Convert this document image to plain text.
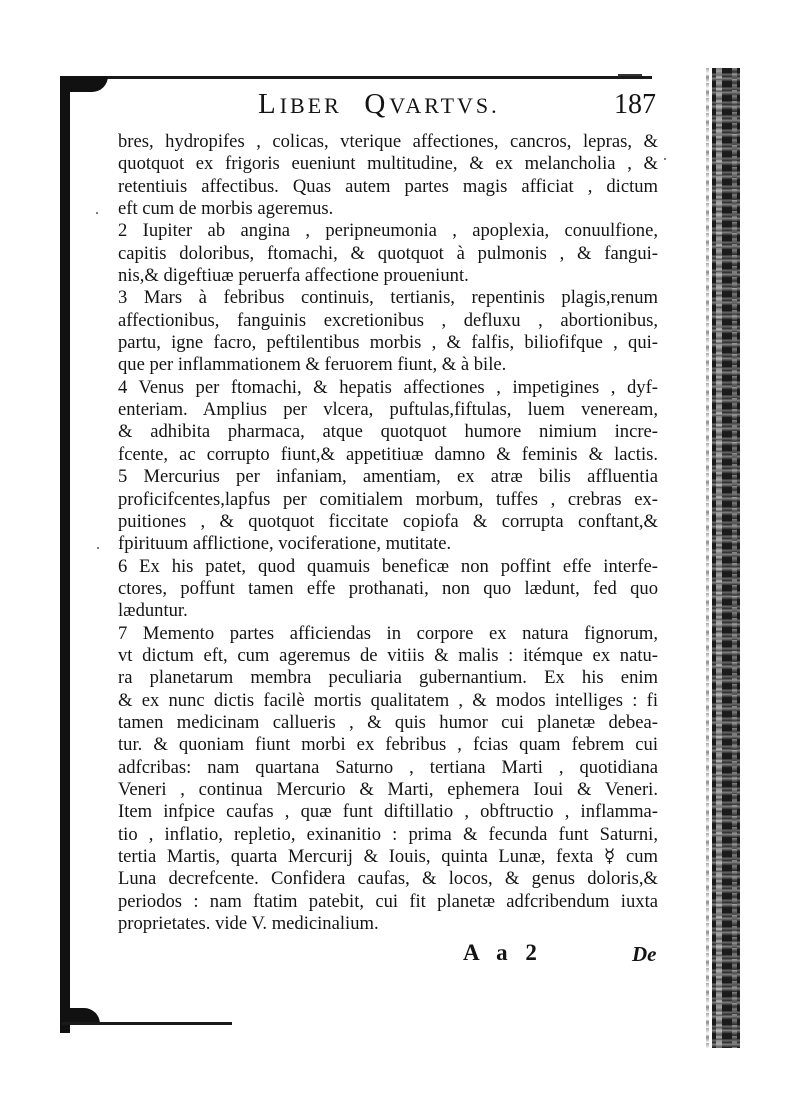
LIBER QVARTVS.	187
bres, hydropifes , colicas, vterique affectiones, cancros, lepras, &
quotquot ex frigoris eueniunt multitudine, & ex melancholia , &
retentiuis affectibus. Quas autem partes magis afficiat , dictum
eft cum de morbis ageremus.
2 Iupiter ab angina , peripneumonia , apoplexia, conuulfione,
capitis doloribus, ftomachi, & quotquot à pulmonis , & fangui-
nis,& digeftiuæ peruerfa affectione proueniunt.
3 Mars à febribus continuis, tertianis, repentinis plagis,renum
affectionibus, fanguinis excretionibus , defluxu , abortionibus,
partu, igne facro, peftilentibus morbis , & falfis, biliofifque , qui-
que per inflammationem & feruorem fiunt, & à bile.
4 Venus per ftomachi, & hepatis affectiones , impetigines , dyf-
enteriam. Amplius per vlcera, puftulas,fiftulas, luem veneream,
& adhibita pharmaca, atque quotquot humore nimium incre-
fcente, ac corrupto fiunt,& appetitiuæ damno & feminis & lactis.
5 Mercurius per infaniam, amentiam, ex atræ bilis affluentia
proficifcentes,lapfus per comitialem morbum, tuffes , crebras ex-
puitiones , & quotquot ficcitate copiofa & corrupta conftant,&
fpirituum afflictione, vociferatione, mutitate.
6 Ex his patet, quod quamuis beneficæ non poffint effe interfe-
ctores, poffunt tamen effe prothanati, non quo lædunt, fed quo
læduntur.
7 Memento partes afficiendas in corpore ex natura fignorum,
vt dictum eft, cum ageremus de vitiis & malis : itémque ex natu-
ra planetarum membra peculiaria gubernantium. Ex his enim
& ex nunc dictis facilè mortis qualitatem , & modos intelliges : fi
tamen medicinam callueris , & quis humor cui planetæ debea-
tur. & quoniam fiunt morbi ex febribus , fcias quam febrem cui
adfcribas: nam quartana Saturno , tertiana Marti , quotidiana
Veneri , continua Mercurio & Marti, ephemera Ioui & Veneri.
Item infpice caufas , quæ funt diftillatio , obftructio , inflamma-
tio , inflatio, repletio, exinanitio : prima & fecunda funt Saturni,
tertia Martis, quarta Mercurij & Iouis, quinta Lunæ, fexta ☿ cum
Luna decrefcente. Confidera caufas, & locos, & genus doloris,&
periodos : nam ftatim patebit, cui fit planetæ adfcribendum iuxta
proprietates. vide V. medicinalium.
A a 2	De
